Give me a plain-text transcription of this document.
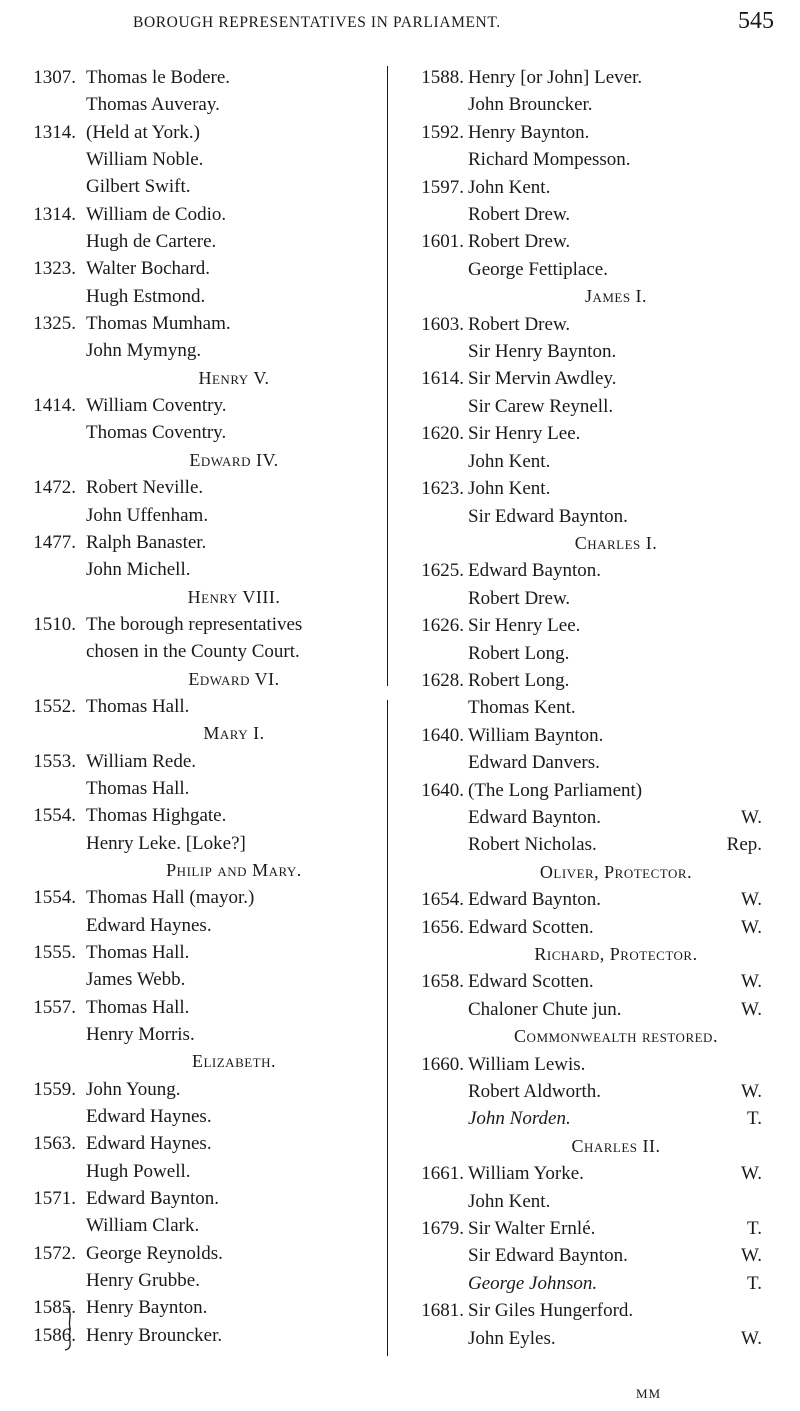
BOROUGH REPRESENTATIVES IN PARLIAMENT.	545
1307. Thomas le Bodere.
Thomas Auveray.
1314. (Held at York.)
William Noble.
Gilbert Swift.
1314. William de Codio.
Hugh de Cartere.
1323. Walter Bochard.
Hugh Estmond.
1325. Thomas Mumham.
John Mymyng.
Henry V.
1414. William Coventry.
Thomas Coventry.
Edward IV.
1472. Robert Neville.
John Uffenham.
1477. Ralph Banaster.
John Michell.
Henry VIII.
1510. The borough representatives
chosen in the County Court.
Edward VI.
1552. Thomas Hall.
Mary I.
1553. William Rede.
Thomas Hall.
1554. Thomas Highgate.
Henry Leke. [Loke?]
Philip and Mary.
1554. Thomas Hall (mayor.)
Edward Haynes.
1555. Thomas Hall.
James Webb.
1557. Thomas Hall.
Henry Morris.
Elizabeth.
1559. John Young.
Edward Haynes.
1563. Edward Haynes.
Hugh Powell.
1571. Edward Baynton.
William Clark.
1572. George Reynolds.
Henry Grubbe.
1585. Henry Baynton.
1586. Henry Brouncker.
1588. Henry [or John] Lever.
John Brouncker.
1592. Henry Baynton.
Richard Mompesson.
1597. John Kent.
Robert Drew.
1601. Robert Drew.
George Fettiplace.
James I.
1603. Robert Drew.
Sir Henry Baynton.
1614. Sir Mervin Awdley.
Sir Carew Reynell.
1620. Sir Henry Lee.
John Kent.
1623. John Kent.
Sir Edward Baynton.
Charles I.
1625. Edward Baynton.
Robert Drew.
1626. Sir Henry Lee.
Robert Long.
1628. Robert Long.
Thomas Kent.
1640. William Baynton.
Edward Danvers.
1640. (The Long Parliament)
Edward Baynton.	W.
Robert Nicholas.	Rep.
Oliver, Protector.
1654. Edward Baynton.	W.
1656. Edward Scotten.	W.
Richard, Protector.
1658. Edward Scotten.	W.
Chaloner Chute jun.	W.
Commonwealth restored.
1660. William Lewis.
Robert Aldworth.	W.
John Norden.	T.
Charles II.
1661. William Yorke.	W.
John Kent.
1679. Sir Walter Ernlé.	T.
Sir Edward Baynton.	W.
George Johnson.	T.
1681. Sir Giles Hungerford.
John Eyles.	W.
MM
